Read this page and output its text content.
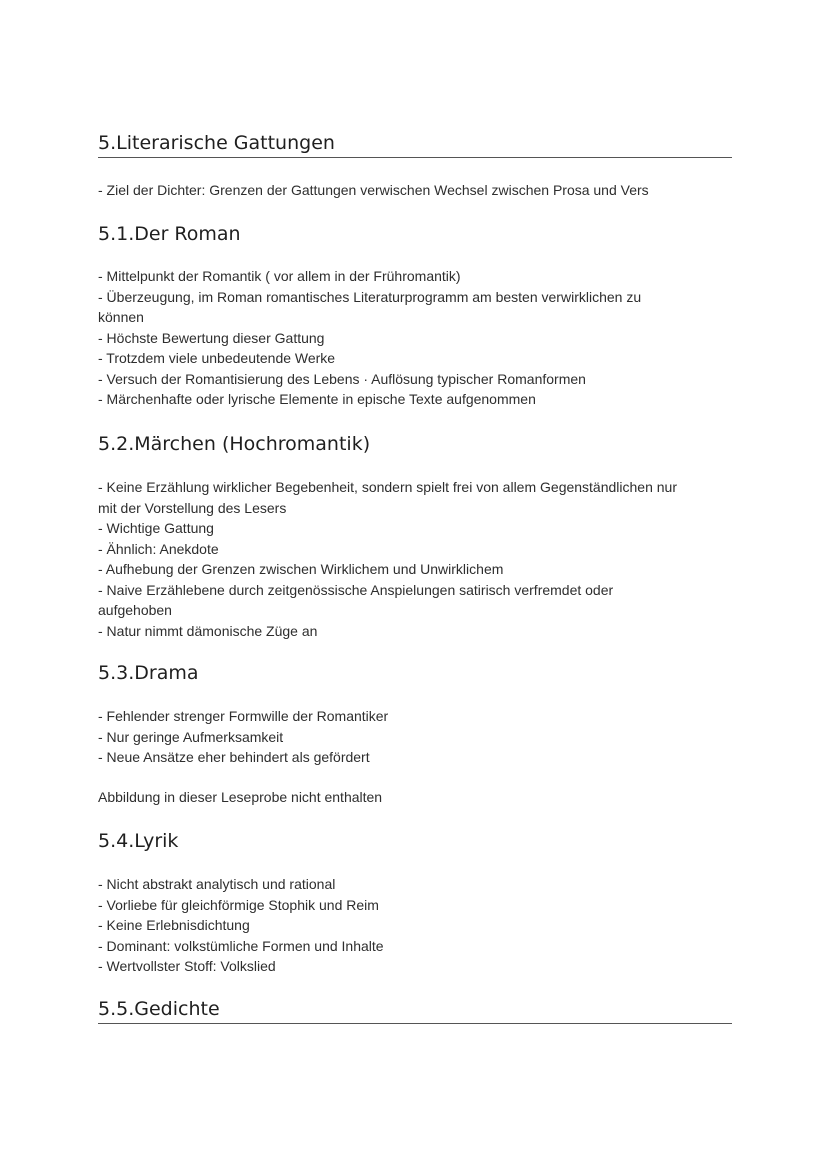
5.Literarische Gattungen

- Ziel der Dichter: Grenzen der Gattungen verwischen Wechsel zwischen Prosa und Vers

5.1.Der Roman

- Mittelpunkt der Romantik ( vor allem in der Frühromantik)

- Überzeugung, im Roman romantisches Literaturprogramm am besten verwirklichen zu

können

- Höchste Bewertung dieser Gattung

- Trotzdem viele unbedeutende Werke

- Versuch der Romantisierung des Lebens · Auflösung typischer Romanformen

- Märchenhafte oder lyrische Elemente in epische Texte aufgenommen

5.2.Märchen (Hochromantik)

- Keine Erzählung wirklicher Begebenheit, sondern spielt frei von allem Gegenständlichen nur

mit der Vorstellung des Lesers

- Wichtige Gattung

- Ähnlich: Anekdote

- Aufhebung der Grenzen zwischen Wirklichem und Unwirklichem

- Naive Erzählebene durch zeitgenössische Anspielungen satirisch verfremdet oder

aufgehoben

- Natur nimmt dämonische Züge an

5.3.Drama

- Fehlender strenger Formwille der Romantiker

- Nur geringe Aufmerksamkeit

- Neue Ansätze eher behindert als gefördert

Abbildung in dieser Leseprobe nicht enthalten

5.4.Lyrik

- Nicht abstrakt analytisch und rational

- Vorliebe für gleichförmige Stophik und Reim

- Keine Erlebnisdichtung

- Dominant: volkstümliche Formen und Inhalte

- Wertvollster Stoff: Volkslied

5.5.Gedichte
